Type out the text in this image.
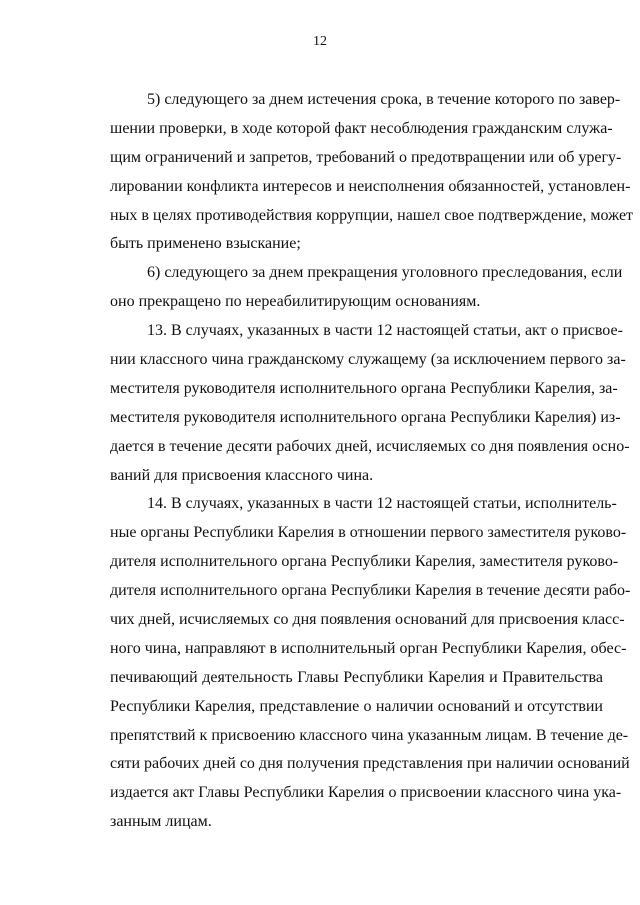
12
5) следующего за днем истечения срока, в течение которого по завер-
шении проверки, в ходе которой факт несоблюдения гражданским служа-
щим ограничений и запретов, требований о предотвращении или об урегу-
лировании конфликта интересов и неисполнения обязанностей, установлен-
ных в целях противодействия коррупции, нашел свое подтверждение, может
быть применено взыскание;
6) следующего за днем прекращения уголовного преследования, если
оно прекращено по нереабилитирующим основаниям.
13. В случаях, указанных в части 12 настоящей статьи, акт о присвое-
нии классного чина гражданскому служащему (за исключением первого за-
местителя руководителя исполнительного органа Республики Карелия, за-
местителя руководителя исполнительного органа Республики Карелия) из-
дается в течение десяти рабочих дней, исчисляемых со дня появления осно-
ваний для присвоения классного чина.
14. В случаях, указанных в части 12 настоящей статьи, исполнитель-
ные органы Республики Карелия в отношении первого заместителя руково-
дителя исполнительного органа Республики Карелия, заместителя руково-
дителя исполнительного органа Республики Карелия в течение десяти рабо-
чих дней, исчисляемых со дня появления оснований для присвоения класс-
ного чина, направляют в исполнительный орган Республики Карелия, обес-
печивающий деятельность Главы Республики Карелия и Правительства
Республики Карелия, представление о наличии оснований и отсутствии
препятствий к присвоению классного чина указанным лицам. В течение де-
сяти рабочих дней со дня получения представления при наличии оснований
издается акт Главы Республики Карелия о присвоении классного чина ука-
занным лицам.
